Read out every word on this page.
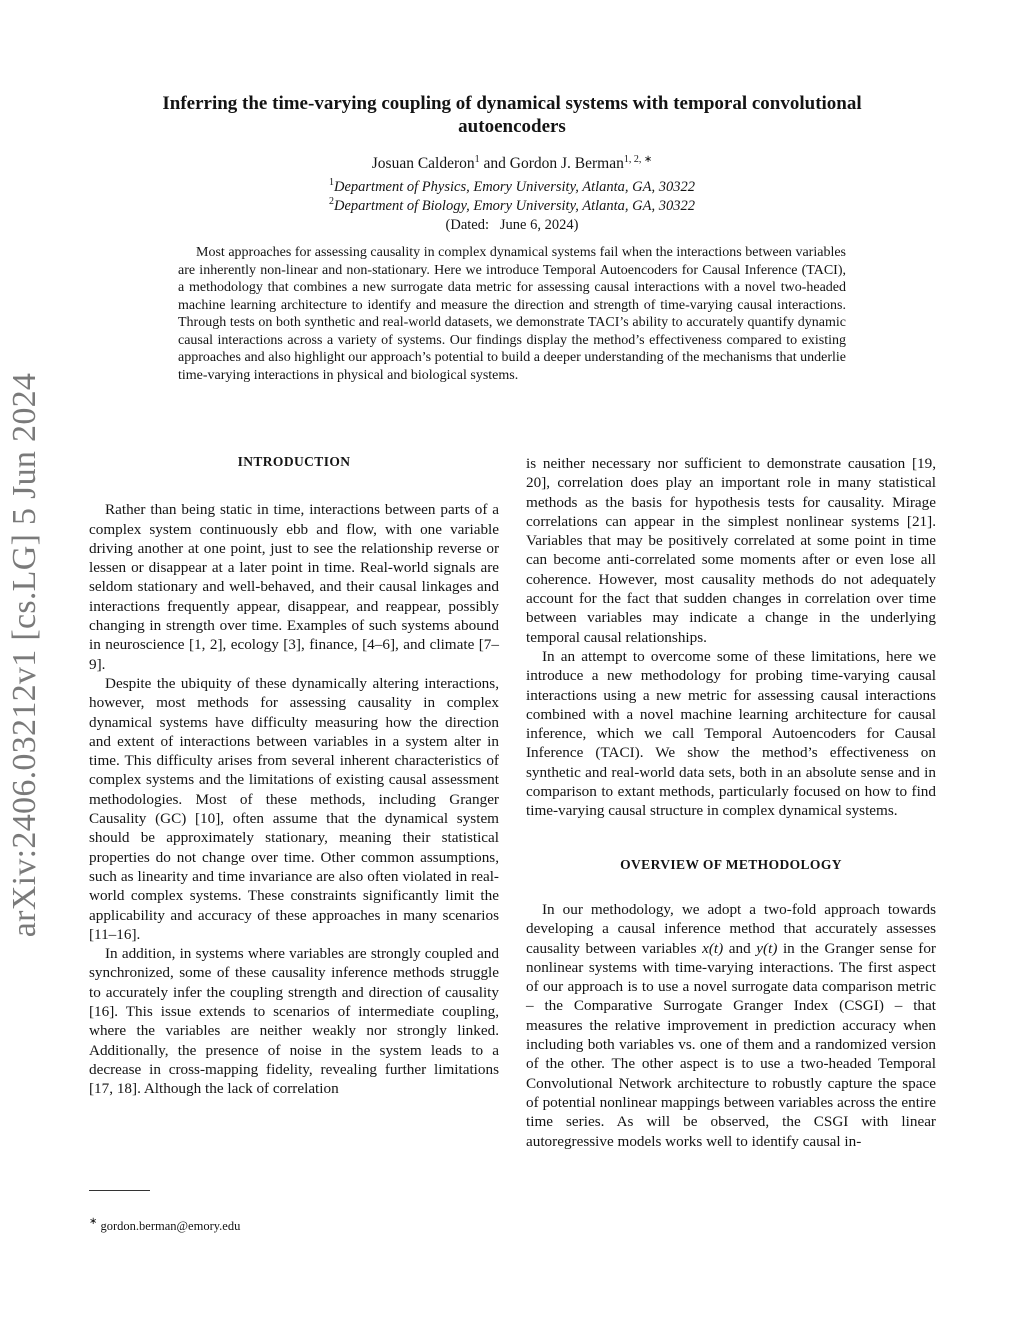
arXiv:2406.03212v1 [cs.LG] 5 Jun 2024
Inferring the time-varying coupling of dynamical systems with temporal convolutional autoencoders
Josuan Calderon$^1$ and Gordon J. Berman$^{1, 2, ∗}$
$^1$Department of Physics, Emory University, Atlanta, GA, 30322
$^2$Department of Biology, Emory University, Atlanta, GA, 30322
(Dated:   June 6, 2024)
Most approaches for assessing causality in complex dynamical systems fail when the interactions between variables are inherently non-linear and non-stationary. Here we introduce Temporal Autoencoders for Causal Inference (TACI), a methodology that combines a new surrogate data metric for assessing causal interactions with a novel two-headed machine learning architecture to identify and measure the direction and strength of time-varying causal interactions. Through tests on both synthetic and real-world datasets, we demonstrate TACI’s ability to accurately quantify dynamic causal interactions across a variety of systems. Our findings display the method’s effectiveness compared to existing approaches and also highlight our approach’s potential to build a deeper understanding of the mechanisms that underlie time-varying interactions in physical and biological systems.
INTRODUCTION

Rather than being static in time, interactions between parts of a complex system continuously ebb and flow, with one variable driving another at one point, just to see the relationship reverse or lessen or disappear at a later point in time. Real-world signals are seldom stationary and well-behaved, and their causal linkages and interactions frequently appear, disappear, and reappear, possibly changing in strength over time. Examples of such systems abound in neuroscience [1, 2], ecology [3], finance, [4–6], and climate [7–9].

Despite the ubiquity of these dynamically altering interactions, however, most methods for assessing causality in complex dynamical systems have difficulty measuring how the direction and extent of interactions between variables in a system alter in time. This difficulty arises from several inherent characteristics of complex systems and the limitations of existing causal assessment methodologies. Most of these methods, including Granger Causality (GC) [10], often assume that the dynamical system should be approximately stationary, meaning their statistical properties do not change over time. Other common assumptions, such as linearity and time invariance are also often violated in real-world complex systems. These constraints significantly limit the applicability and accuracy of these approaches in many scenarios [11–16].

In addition, in systems where variables are strongly coupled and synchronized, some of these causality inference methods struggle to accurately infer the coupling strength and direction of causality [16]. This issue extends to scenarios of intermediate coupling, where the variables are neither weakly nor strongly linked. Additionally, the presence of noise in the system leads to a decrease in cross-mapping fidelity, revealing further limitations [17, 18]. Although the lack of correlation

is neither necessary nor sufficient to demonstrate causation [19, 20], correlation does play an important role in many statistical methods as the basis for hypothesis tests for causality. Mirage correlations can appear in the simplest nonlinear systems [21]. Variables that may be positively correlated at some point in time can become anti-correlated some moments after or even lose all coherence. However, most causality methods do not adequately account for the fact that sudden changes in correlation over time between variables may indicate a change in the underlying temporal causal relationships.

In an attempt to overcome some of these limitations, here we introduce a new methodology for probing time-varying causal interactions using a new metric for assessing causal interactions combined with a novel machine learning architecture for causal inference, which we call Temporal Autoencoders for Causal Inference (TACI). We show the method’s effectiveness on synthetic and real-world data sets, both in an absolute sense and in comparison to extant methods, particularly focused on how to find time-varying causal structure in complex dynamical systems.

OVERVIEW OF METHODOLOGY

In our methodology, we adopt a two-fold approach towards developing a causal inference method that accurately assesses causality between variables x(t) and y(t) in the Granger sense for nonlinear systems with time-varying interactions. The first aspect of our approach is to use a novel surrogate data comparison metric – the Comparative Surrogate Granger Index (CSGI) – that measures the relative improvement in prediction accuracy when including both variables vs. one of them and a randomized version of the other. The other aspect is to use a two-headed Temporal Convolutional Network architecture to robustly capture the space of potential nonlinear mappings between variables across the entire time series. As will be observed, the CSGI with linear autoregressive models works well to identify causal in-

∗ gordon.berman@emory.edu
